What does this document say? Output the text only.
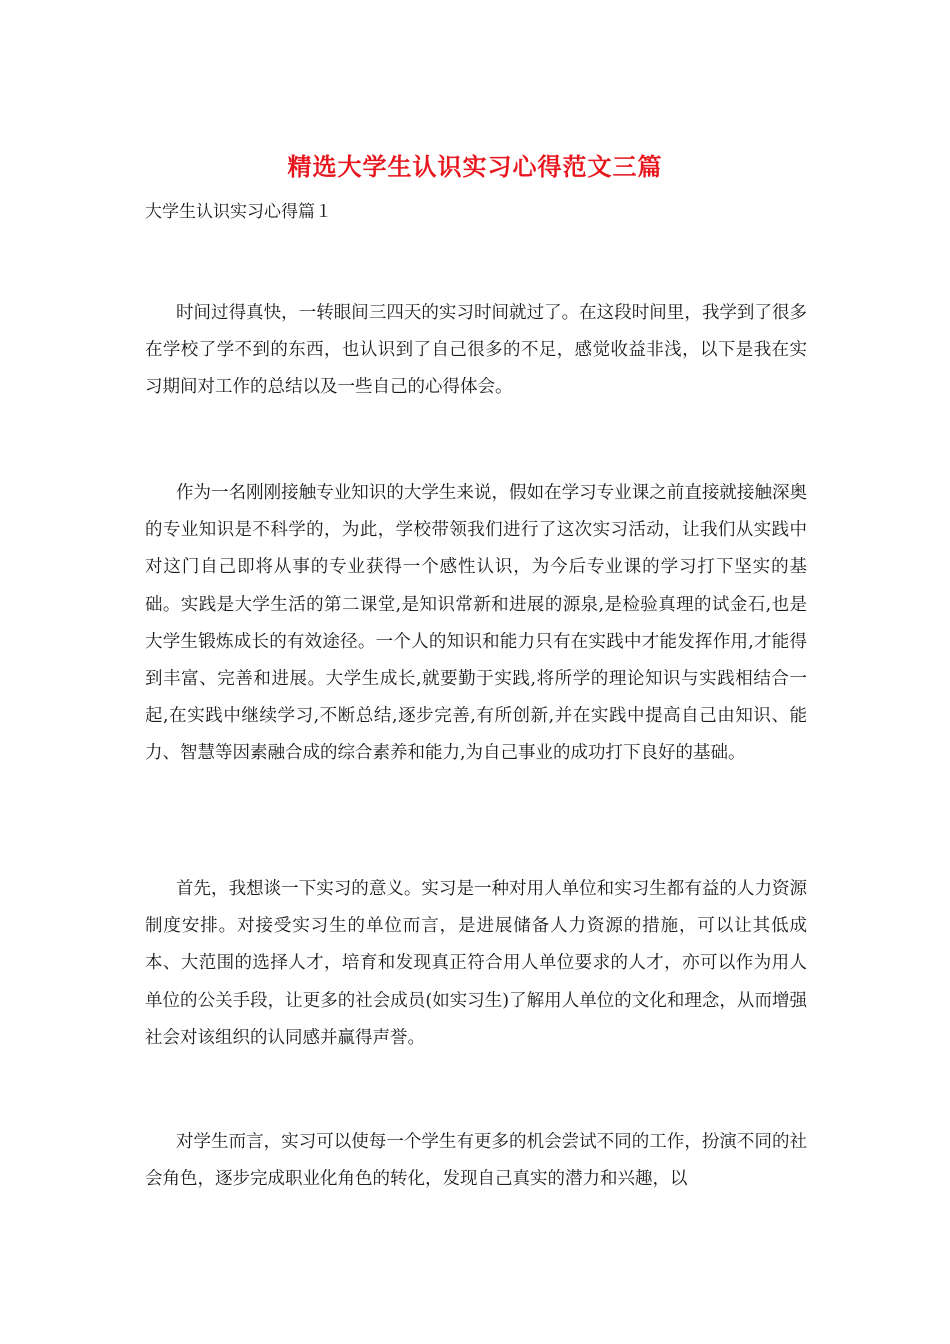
精选大学生认识实习心得范文三篇
大学生认识实习心得篇１

时间过得真快，一转眼间三四天的实习时间就过了。在这段时间里，我学到了很多在学校了学不到的东西，也认识到了自己很多的不足，感觉收益非浅，以下是我在实习期间对工作的总结以及一些自己的心得体会。

作为一名刚刚接触专业知识的大学生来说，假如在学习专业课之前直接就接触深奥的专业知识是不科学的，为此，学校带领我们进行了这次实习活动，让我们从实践中对这门自己即将从事的专业获得一个感性认识，为今后专业课的学习打下坚实的基础。实践是大学生活的第二课堂,是知识常新和进展的源泉,是检验真理的试金石,也是大学生锻炼成长的有效途径。一个人的知识和能力只有在实践中才能发挥作用,才能得到丰富、完善和进展。大学生成长,就要勤于实践,将所学的理论知识与实践相结合一起,在实践中继续学习,不断总结,逐步完善,有所创新,并在实践中提高自己由知识、能力、智慧等因素融合成的综合素养和能力,为自己事业的成功打下良好的基础。

首先，我想谈一下实习的意义。实习是一种对用人单位和实习生都有益的人力资源制度安排。对接受实习生的单位而言，是进展储备人力资源的措施，可以让其低成本、大范围的选择人才，培育和发现真正符合用人单位要求的人才，亦可以作为用人单位的公关手段，让更多的社会成员(如实习生)了解用人单位的文化和理念，从而增强社会对该组织的认同感并赢得声誉。

对学生而言，实习可以使每一个学生有更多的机会尝试不同的工作，扮演不同的社会角色，逐步完成职业化角色的转化，发现自己真实的潜力和兴趣，以
